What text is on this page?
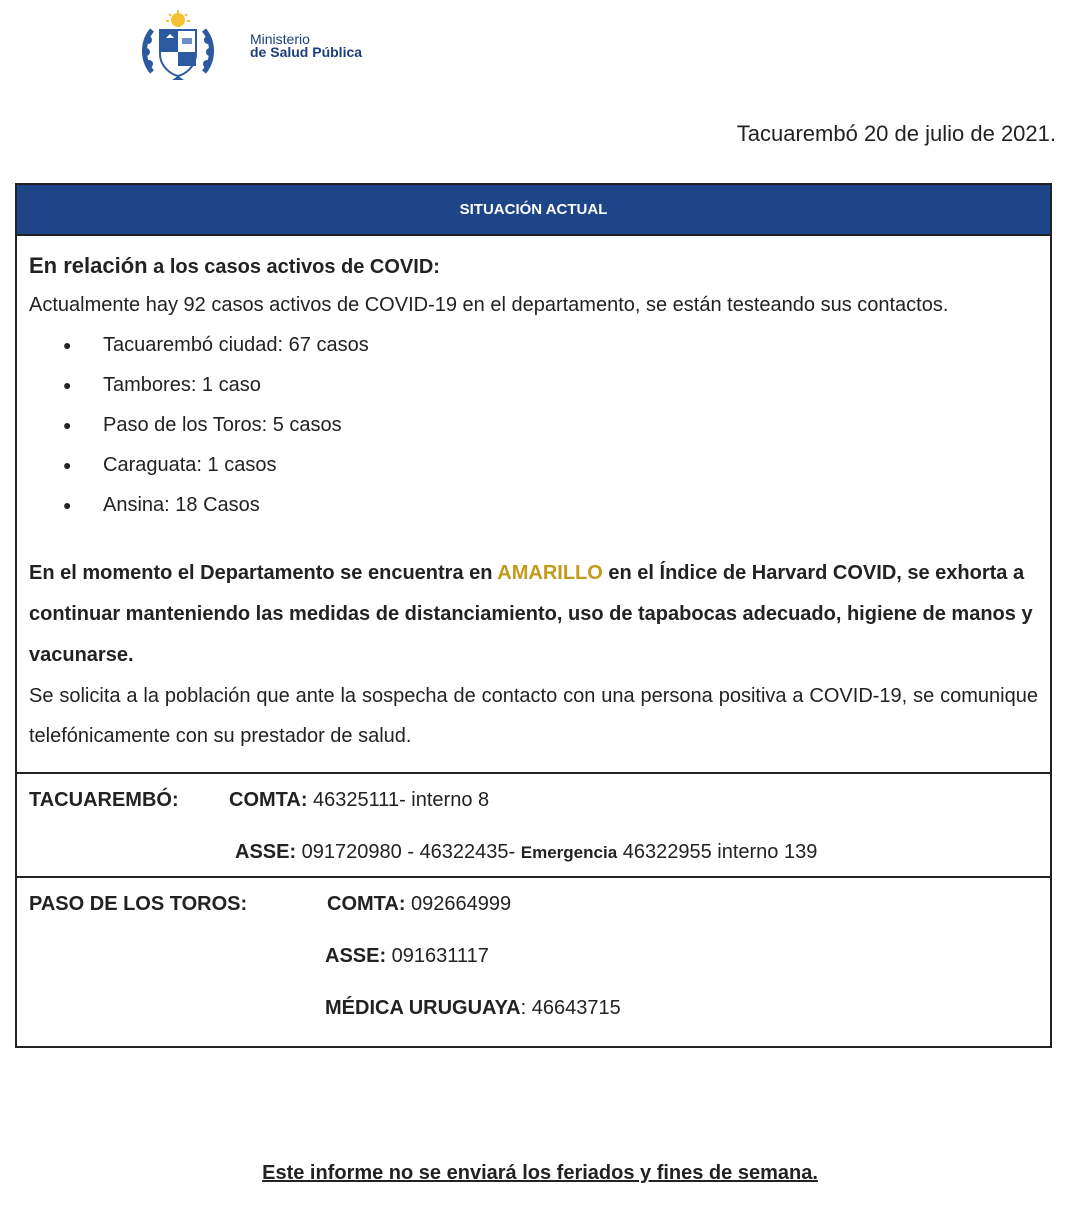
Ministerio
de Salud Pública
Tacuarembó 20 de julio de 2021.
SITUACIÓN ACTUAL
En relación a los casos activos de COVID:
Actualmente hay 92 casos activos de COVID-19 en el departamento, se están testeando sus contactos.
● Tacuarembó ciudad: 67 casos
● Tambores: 1 caso
● Paso de los Toros: 5 casos
● Caraguata: 1 casos
● Ansina: 18 Casos
En el momento el Departamento se encuentra en AMARILLO en el Índice de Harvard COVID, se exhorta a continuar manteniendo las medidas de distanciamiento, uso de tapabocas adecuado, higiene de manos y vacunarse.
Se solicita a la población que ante la sospecha de contacto con una persona positiva a COVID-19, se comunique telefónicamente con su prestador de salud.
TACUAREMBÓ:	COMTA: 46325111- interno 8
ASSE: 091720980 - 46322435- Emergencia 46322955 interno 139
PASO DE LOS TOROS:	COMTA: 092664999
ASSE: 091631117
MÉDICA URUGUAYA: 46643715
Este informe no se enviará los feriados y fines de semana.
